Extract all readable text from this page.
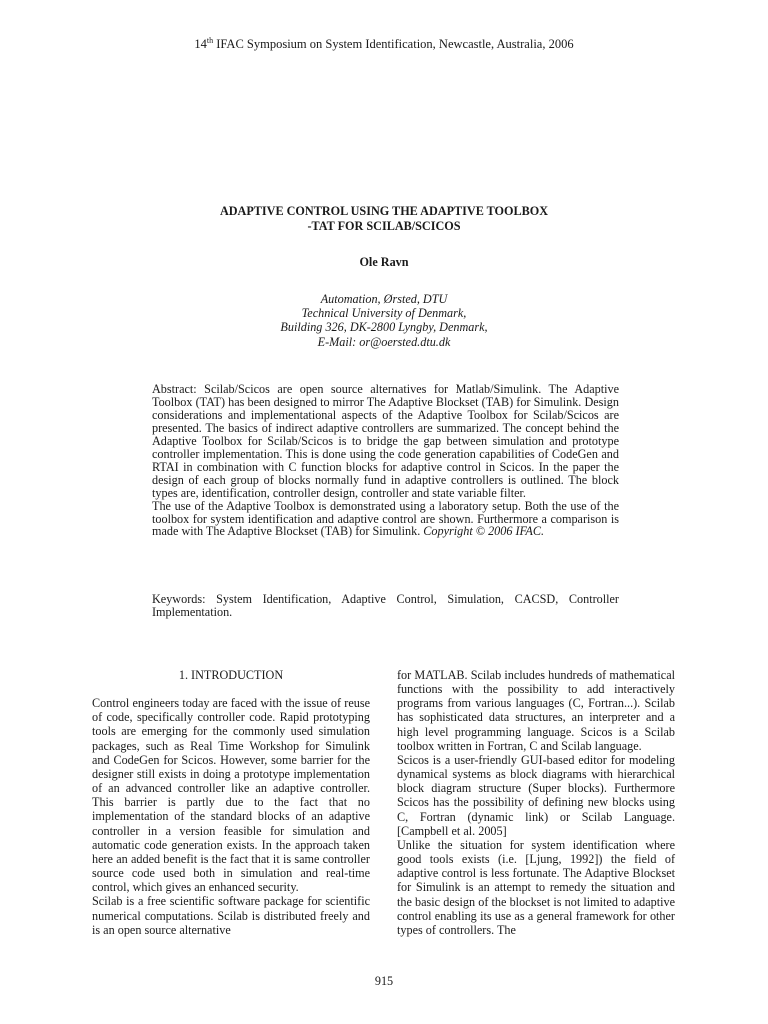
14th IFAC Symposium on System Identification, Newcastle, Australia, 2006
ADAPTIVE CONTROL USING THE ADAPTIVE TOOLBOX
-TAT FOR SCILAB/SCICOS
Ole Ravn
Automation, Ørsted, DTU
Technical University of Denmark,
Building 326, DK-2800 Lyngby, Denmark,
E-Mail: or@oersted.dtu.dk

Abstract: Scilab/Scicos are open source alternatives for Matlab/Simulink. The Adaptive Toolbox (TAT) has been designed to mirror The Adaptive Blockset (TAB) for Simulink. Design considerations and implementational aspects of the Adaptive Toolbox for Scilab/Scicos are presented. The basics of indirect adaptive controllers are summarized. The concept behind the Adaptive Toolbox for Scilab/Scicos is to bridge the gap between simulation and prototype controller implementation. This is done using the code generation capabilities of CodeGen and RTAI in combination with C function blocks for adaptive control in Scicos. In the paper the design of each group of blocks normally fund in adaptive controllers is outlined. The block types are, identification, controller design, controller and state variable filter.

The use of the Adaptive Toolbox is demonstrated using a laboratory setup. Both the use of the toolbox for system identification and adaptive control are shown. Furthermore a comparison is made with The Adaptive Blockset (TAB) for Simulink. Copyright © 2006 IFAC.

Keywords: System Identification, Adaptive Control, Simulation, CACSD, Controller Implementation.
1. INTRODUCTION

Control engineers today are faced with the issue of reuse of code, specifically controller code. Rapid prototyping tools are emerging for the commonly used simulation packages, such as Real Time Workshop for Simulink and CodeGen for Scicos. However, some barrier for the designer still exists in doing a prototype implementation of an advanced controller like an adaptive controller. This barrier is partly due to the fact that no implementation of the standard blocks of an adaptive controller in a version feasible for simulation and automatic code generation exists. In the approach taken here an added benefit is the fact that it is same controller source code used both in simulation and real-time control, which gives an enhanced security.

Scilab is a free scientific software package for scientific numerical computations. Scilab is distributed freely and is an open source alternative

for MATLAB. Scilab includes hundreds of mathematical functions with the possibility to add interactively programs from various languages (C, Fortran...). Scilab has sophisticated data structures, an interpreter and a high level programming language. Scicos is a Scilab toolbox written in Fortran, C and Scilab language.

Scicos is a user-friendly GUI-based editor for modeling dynamical systems as block diagrams with hierarchical block diagram structure (Super blocks). Furthermore Scicos has the possibility of defining new blocks using C, Fortran (dynamic link) or Scilab Language. [Campbell et al. 2005]

Unlike the situation for system identification where good tools exists (i.e. [Ljung, 1992]) the field of adaptive control is less fortunate. The Adaptive Blockset for Simulink is an attempt to remedy the situation and the basic design of the blockset is not limited to adaptive control enabling its use as a general framework for other types of controllers. The

915
